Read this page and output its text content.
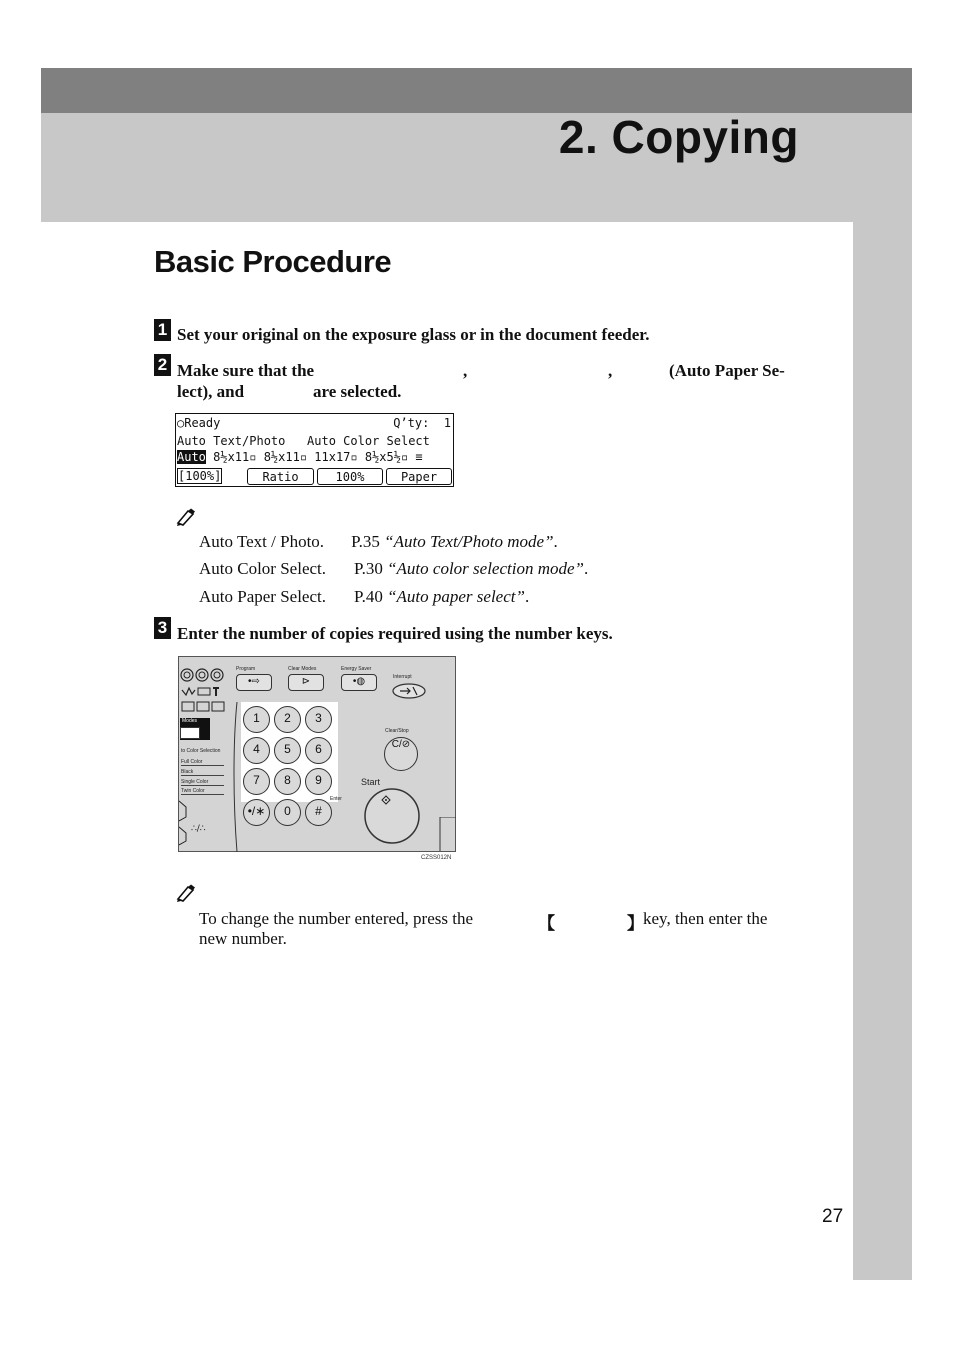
2. Copying
Basic Procedure
1 Set your original on the exposure glass or in the document feeder.
2 Make sure that the	,	,	(Auto Paper Se-
lect), and	are selected.
○Ready	Q’ty:  1
Auto Text/Photo   Auto Color Select
Auto 8½x11▫ 8½x11▫ 11x17▫ 8½x5½▫ ≡
[100%]	Ratio	100%	Paper
Auto Text / Photo. P.35 “Auto Text/Photo mode”.
Auto Color Select. P.30 “Auto color selection mode”.
Auto Paper Select. P.40 “Auto paper select”.
3 Enter the number of copies required using the number keys.
Modes
to Color Selection
Full Color
Black
Single Color
Twin Color
∴/∴
Program
•⇨
Clear Modes
⊳
Energy Saver
•◍	Interrupt
1	2	3
4	5	6
7	8	9
•/∗	0	#
Enter
Clear/Stop
C/⊘
Start
CZSS012N
To change the number entered, press the	【	】 key, then enter the
new number.
27
